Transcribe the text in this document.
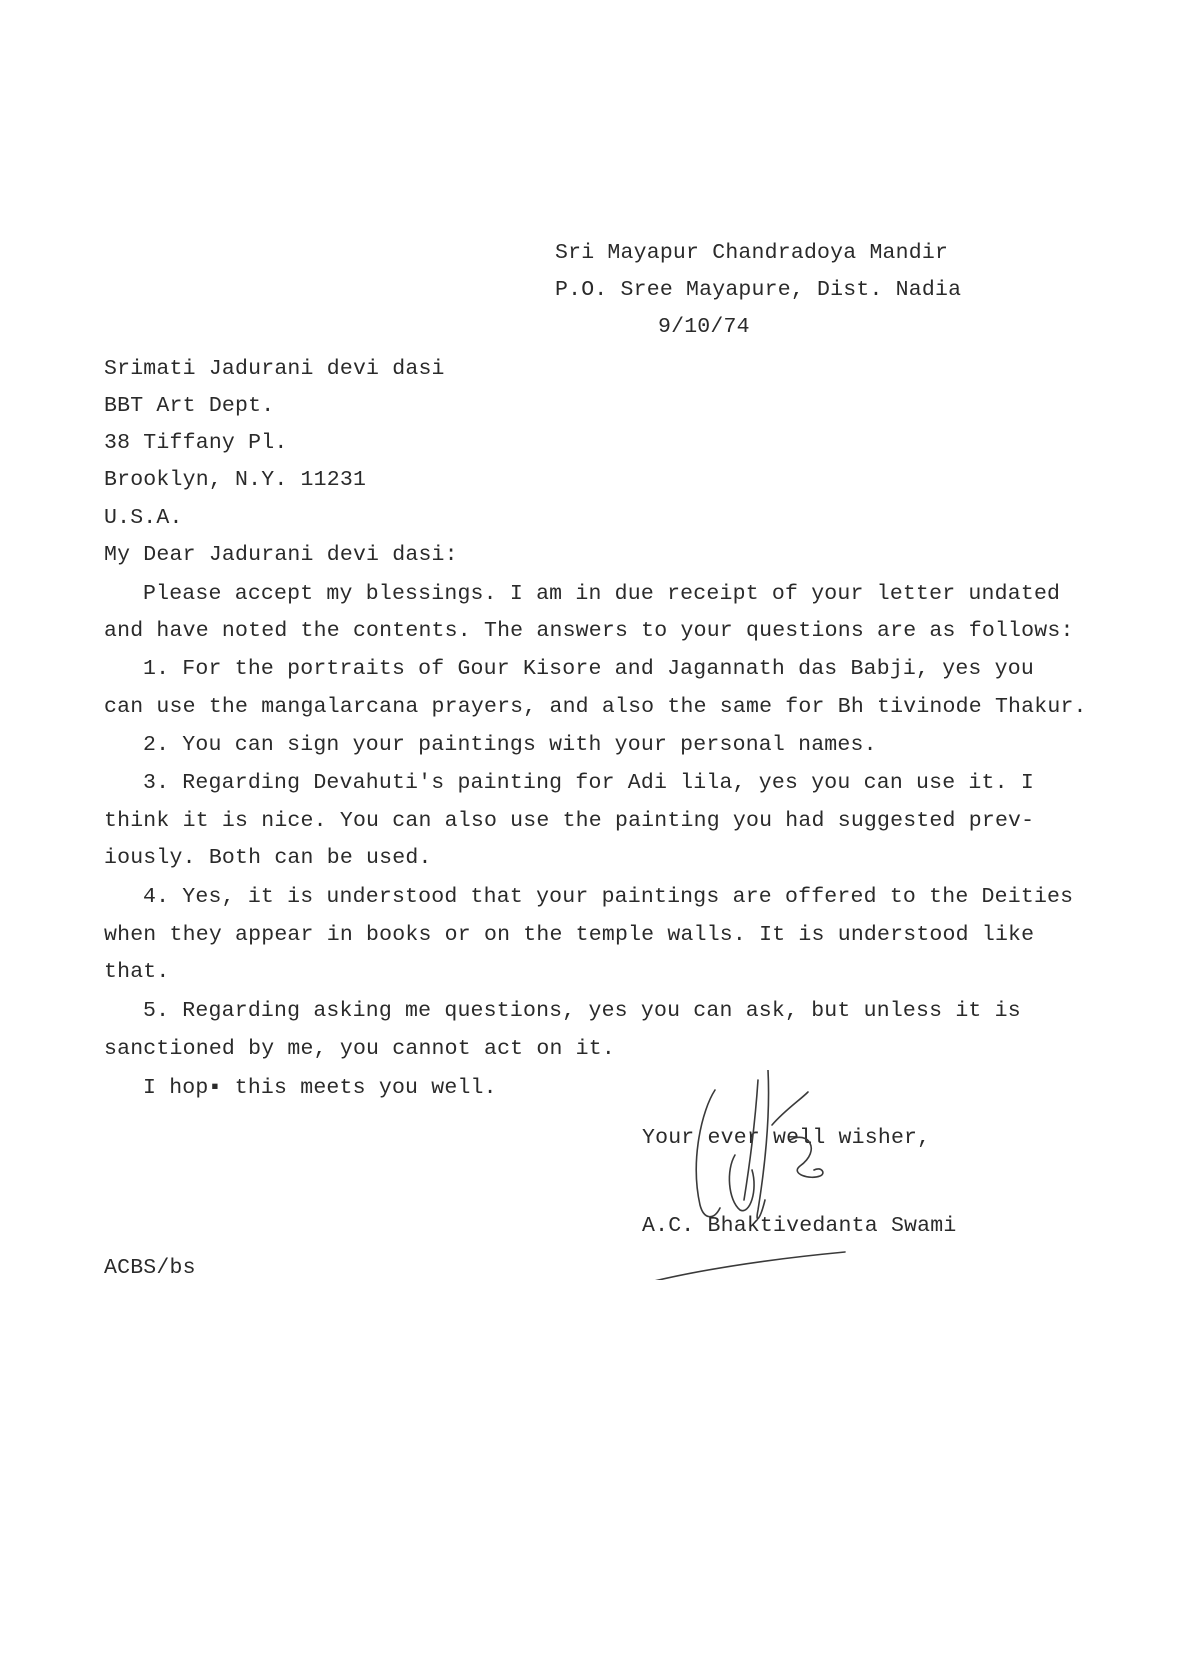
Sri Mayapur Chandradoya Mandir
P.O. Sree Mayapure, Dist. Nadia
9/10/74
Srimati Jadurani devi dasi
BBT Art Dept.
38 Tiffany Pl.
Brooklyn, N.Y. 11231
U.S.A.
My Dear Jadurani devi dasi:
Please accept my blessings. I am in due receipt of your letter undated
and have noted the contents. The answers to your questions are as follows:
1. For the portraits of Gour Kisore and Jagannath das Babji, yes you
can use the mangalarcana prayers, and also the same for Bh tivinode Thakur.
2. You can sign your paintings with your personal names.
3. Regarding Devahuti's painting for Adi lila, yes you can use it. I
think it is nice. You can also use the painting you had suggested prev-
iously. Both can be used.
4. Yes, it is understood that your paintings are offered to the Deities
when they appear in books or on the temple walls. It is understood like
that.
5. Regarding asking me questions, yes you can ask, but unless it is
sanctioned by me, you cannot act on it.
I hop▪ this meets you well.
Your ever well wisher,
A.C. Bhaktivedanta Swami
ACBS/bs
